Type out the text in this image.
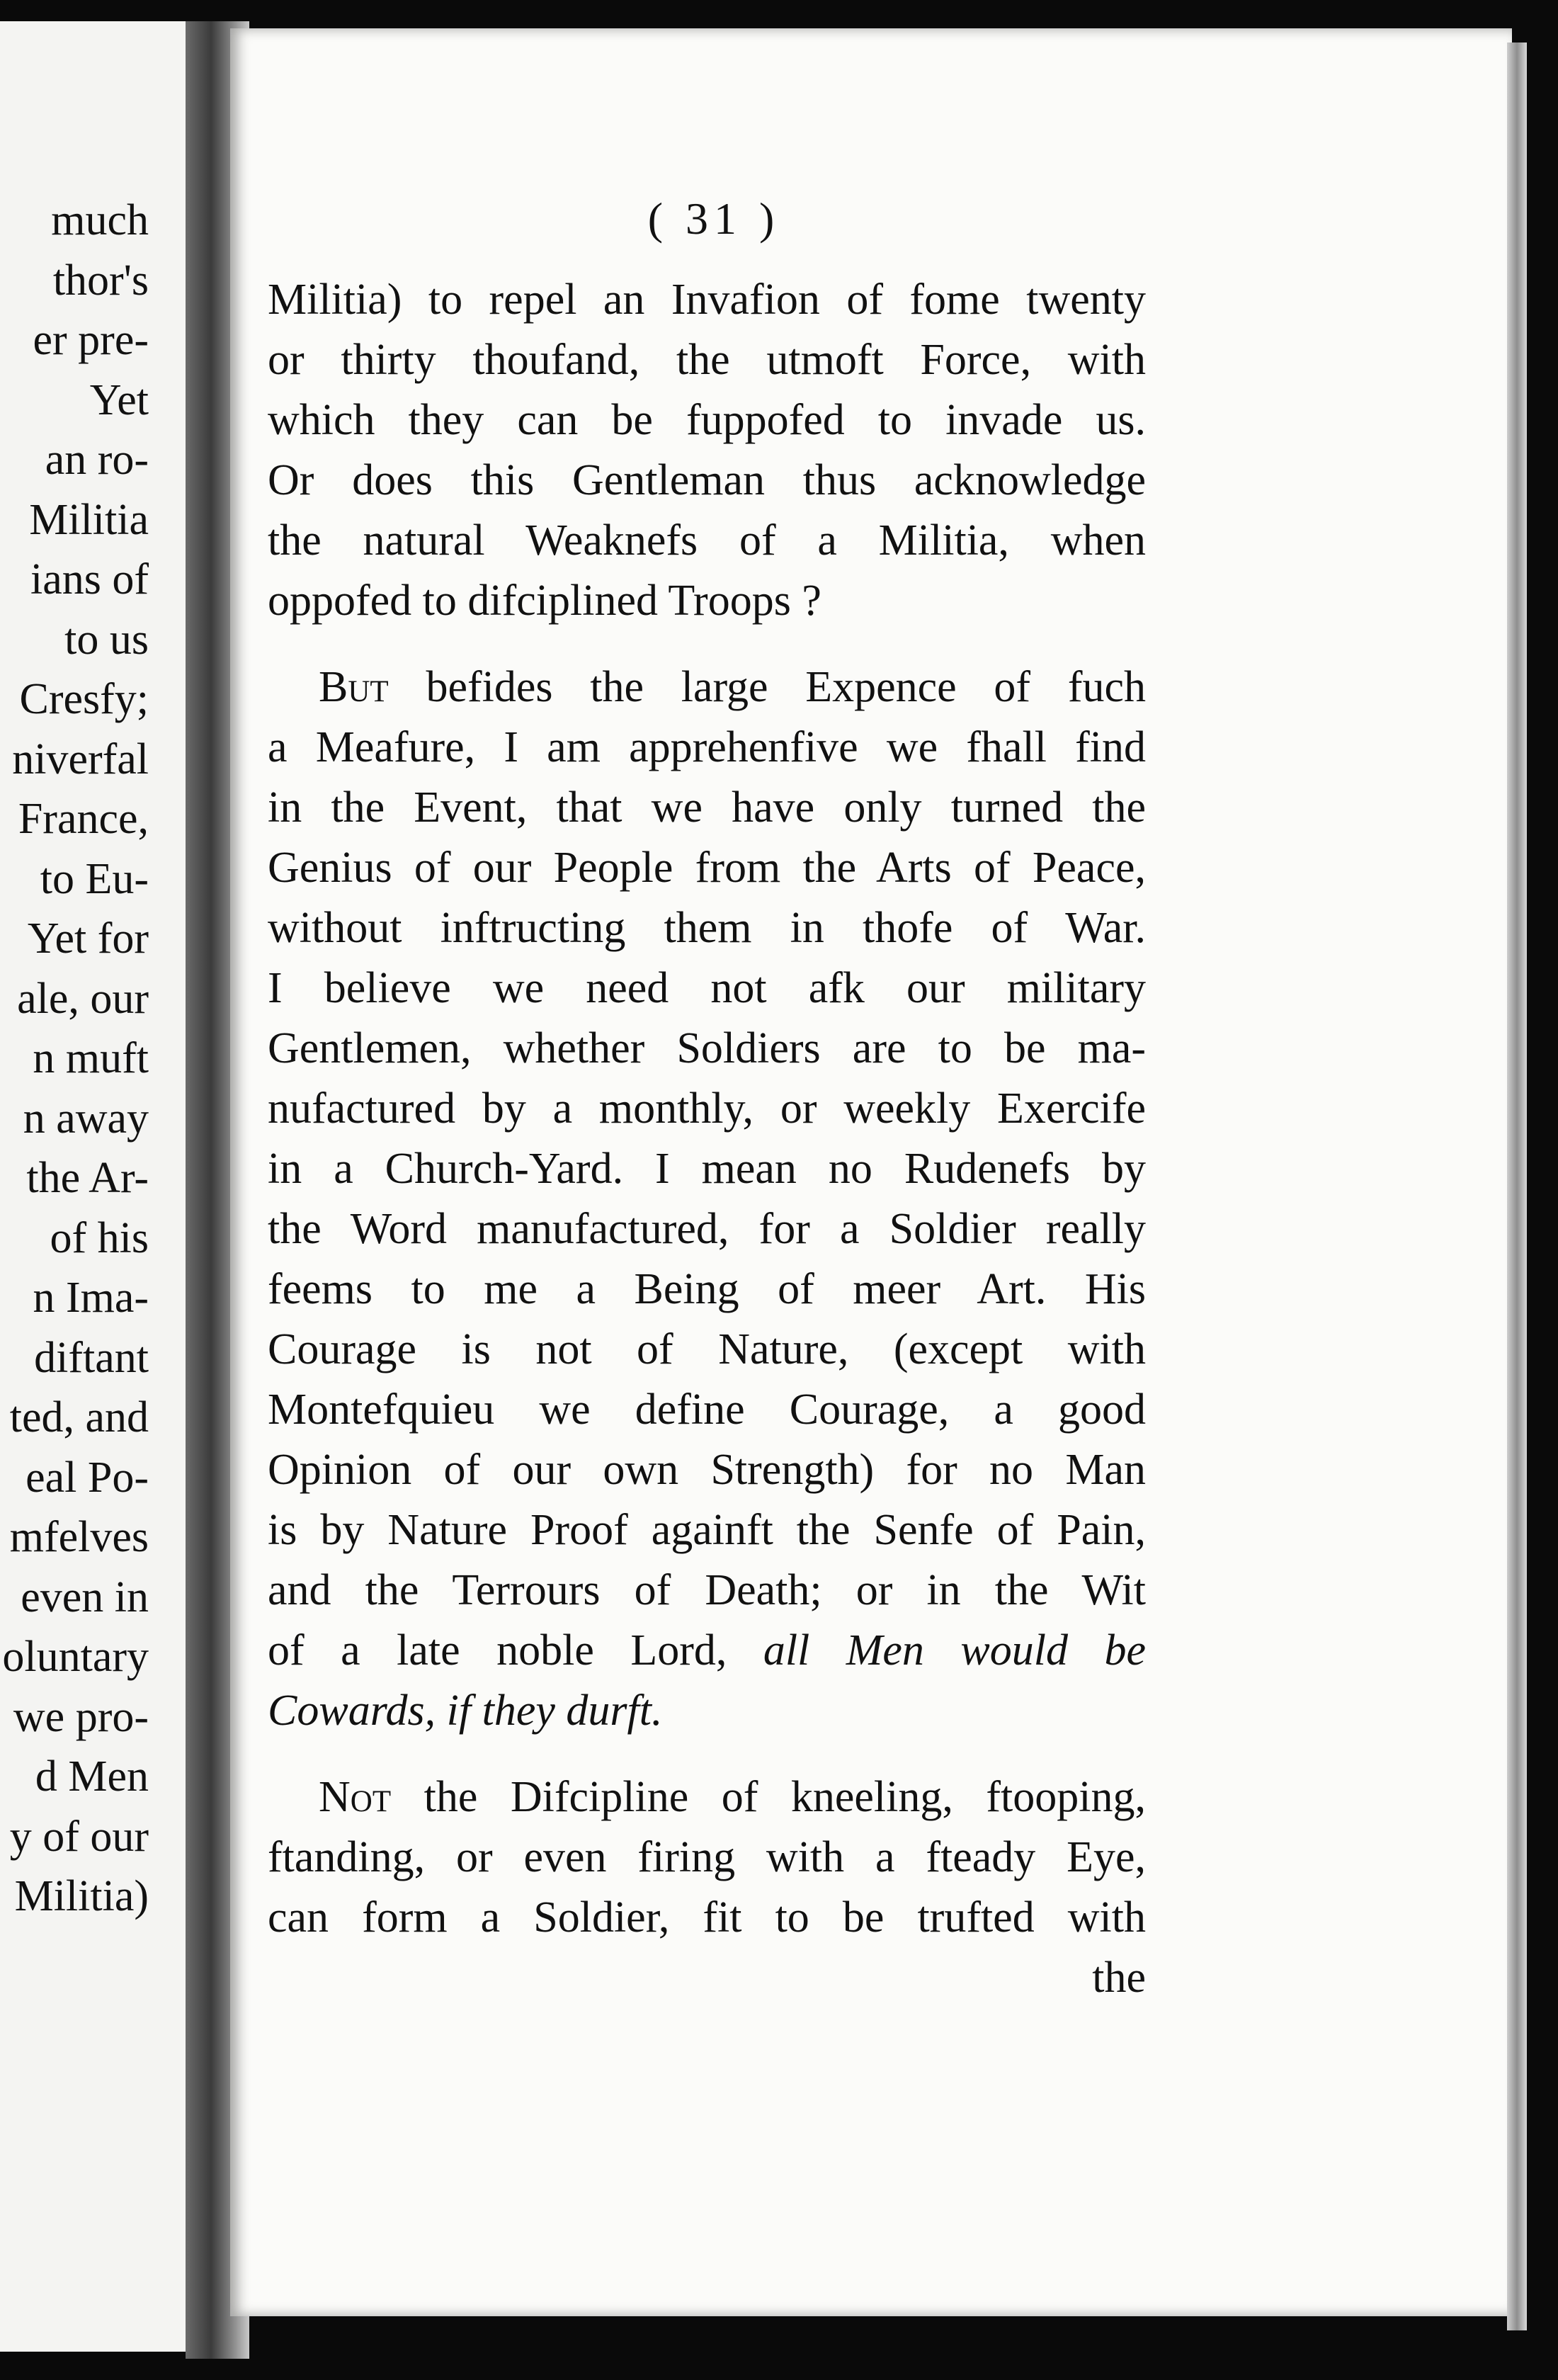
much
thor's
er pre-
Yet
an ro-
Militia
ians of
to us
Cresfy;
niverfal
France,
to Eu-
Yet for
ale, our
n muft
n away
the Ar-
of his
n Ima-
diftant
ted, and
eal Po-
mfelves
even in
oluntary
we pro-
d Men
y of our
Militia)
( 31 )
Militia) to repel an Invafion of fome twenty
or thirty thoufand, the utmoft Force, with
which they can be fuppofed to invade us.
Or does this Gentleman thus acknowledge
the natural Weaknefs of a Militia, when
oppofed to difciplined Troops ?
But befides the large Expence of fuch
a Meafure, I am apprehenfive we fhall find
in the Event, that we have only turned the
Genius of our People from the Arts of Peace,
without inftructing them in thofe of War.
I believe we need not afk our military
Gentlemen, whether Soldiers are to be ma-
nufactured by a monthly, or weekly Exercife
in a Church-Yard. I mean no Rudenefs by
the Word manufactured, for a Soldier really
feems to me a Being of meer Art. His
Courage is not of Nature, (except with
Montefquieu we define Courage, a good
Opinion of our own Strength) for no Man
is by Nature Proof againft the Senfe of Pain,
and the Terrours of Death; or in the Wit
of a late noble Lord, all Men would be
Cowards, if they durft.
Not the Difcipline of kneeling, ftooping,
ftanding, or even firing with a fteady Eye,
can form a Soldier, fit to be trufted with
the
